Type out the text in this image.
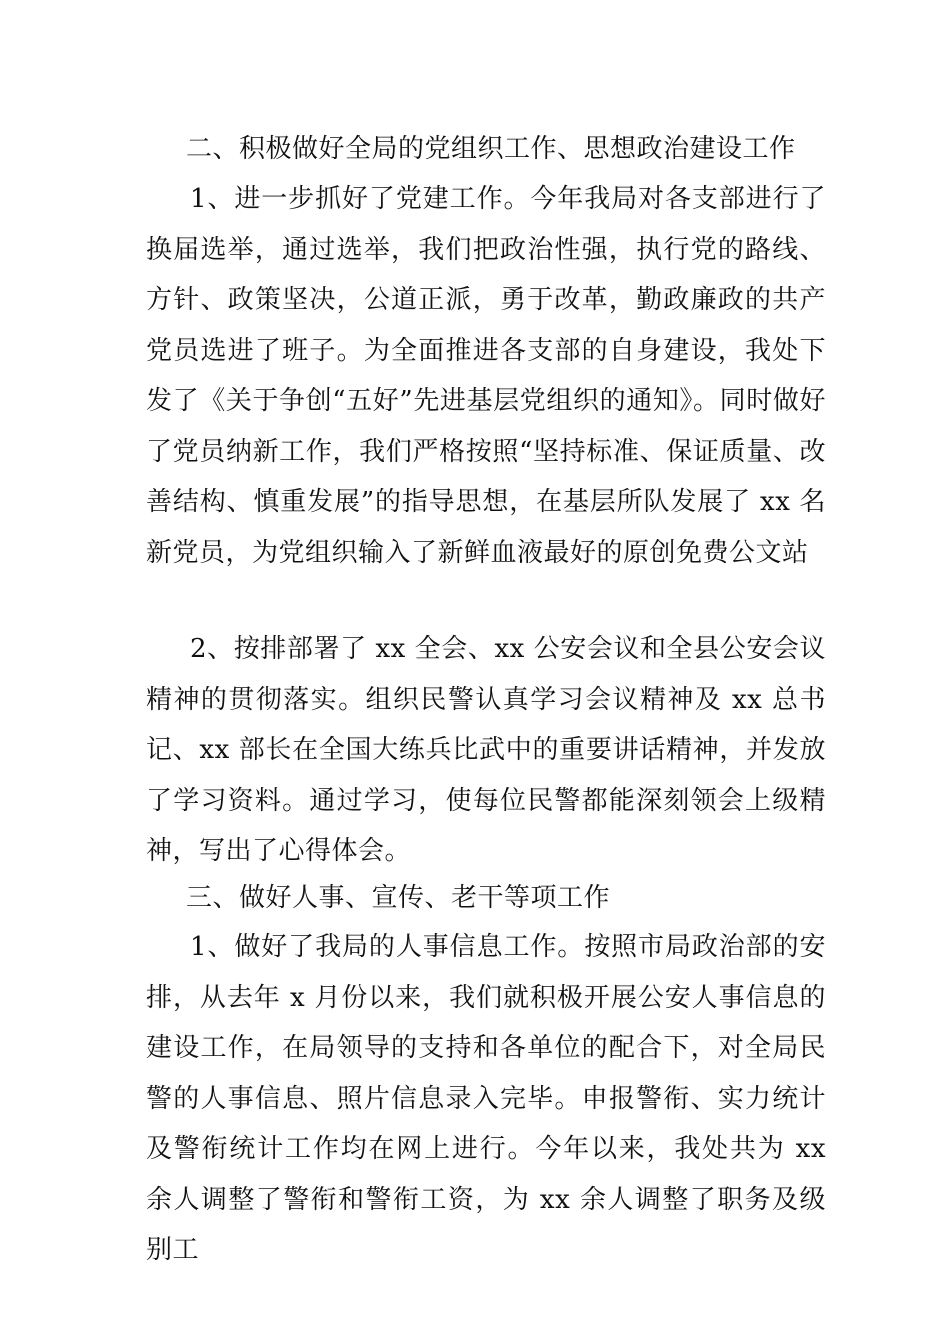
二、积极做好全局的党组织工作、思想政治建设工作

1、进一步抓好了党建工作。今年我局对各支部进行了换届选举，通过选举，我们把政治性强，执行党的路线、方针、政策坚决，公道正派，勇于改革，勤政廉政的共产党员选进了班子。为全面推进各支部的自身建设，我处下发了《关于争创“五好”先进基层党组织的通知》。同时做好了党员纳新工作，我们严格按照“坚持标准、保证质量、改善结构、慎重发展”的指导思想，在基层所队发展了 xx 名新党员，为党组织输入了新鲜血液最好的原创免费公文站

2、按排部署了 xx 全会、xx 公安会议和全县公安会议精神的贯彻落实。组织民警认真学习会议精神及 xx 总书记、xx 部长在全国大练兵比武中的重要讲话精神，并发放了学习资料。通过学习，使每位民警都能深刻领会上级精神，写出了心得体会。

三、做好人事、宣传、老干等项工作

1、做好了我局的人事信息工作。按照市局政治部的安排，从去年 x 月份以来，我们就积极开展公安人事信息的建设工作，在局领导的支持和各单位的配合下，对全局民警的人事信息、照片信息录入完毕。申报警衔、实力统计及警衔统计工作均在网上进行。今年以来，我处共为 xx 余人调整了警衔和警衔工资，为 xx 余人调整了职务及级别工
